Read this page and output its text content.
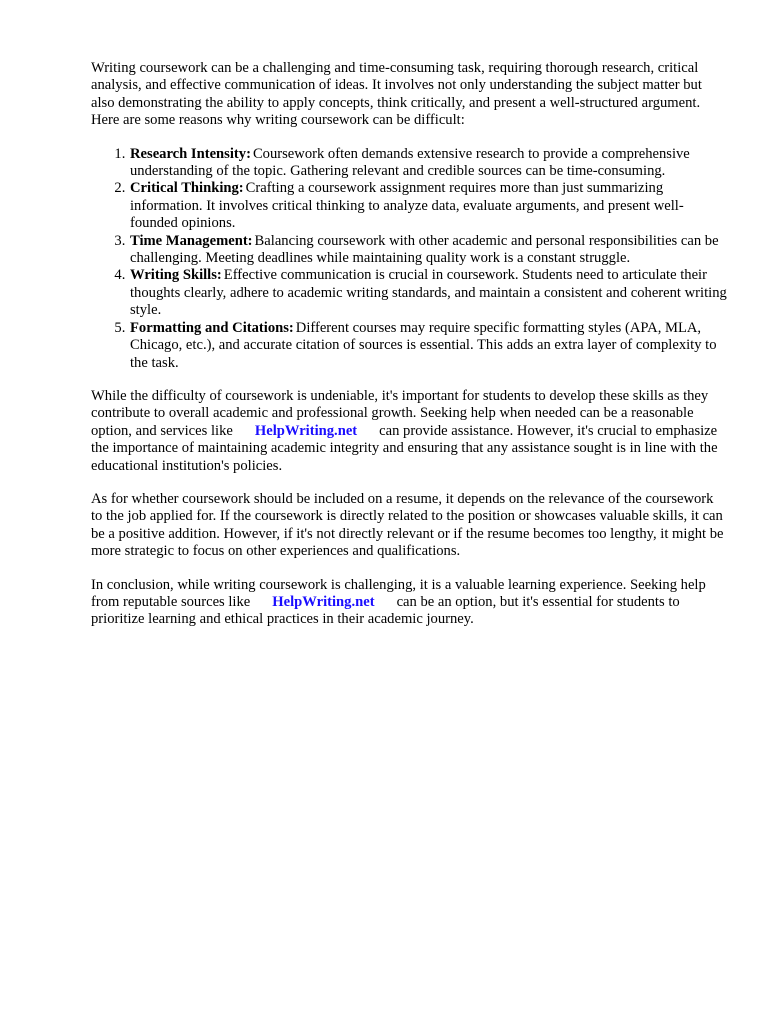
Writing coursework can be a challenging and time-consuming task, requiring thorough research, critical analysis, and effective communication of ideas. It involves not only understanding the subject matter but also demonstrating the ability to apply concepts, think critically, and present a well-structured argument. Here are some reasons why writing coursework can be difficult:

1. Research Intensity: Coursework often demands extensive research to provide a comprehensive understanding of the topic. Gathering relevant and credible sources can be time-consuming.
2. Critical Thinking: Crafting a coursework assignment requires more than just summarizing information. It involves critical thinking to analyze data, evaluate arguments, and present well-founded opinions.
3. Time Management: Balancing coursework with other academic and personal responsibilities can be challenging. Meeting deadlines while maintaining quality work is a constant struggle.
4. Writing Skills: Effective communication is crucial in coursework. Students need to articulate their thoughts clearly, adhere to academic writing standards, and maintain a consistent and coherent writing style.
5. Formatting and Citations: Different courses may require specific formatting styles (APA, MLA, Chicago, etc.), and accurate citation of sources is essential. This adds an extra layer of complexity to the task.

While the difficulty of coursework is undeniable, it's important for students to develop these skills as they contribute to overall academic and professional growth. Seeking help when needed can be a reasonable option, and services like HelpWriting.net can provide assistance. However, it's crucial to emphasize the importance of maintaining academic integrity and ensuring that any assistance sought is in line with the educational institution's policies.

As for whether coursework should be included on a resume, it depends on the relevance of the coursework to the job applied for. If the coursework is directly related to the position or showcases valuable skills, it can be a positive addition. However, if it's not directly relevant or if the resume becomes too lengthy, it might be more strategic to focus on other experiences and qualifications.

In conclusion, while writing coursework is challenging, it is a valuable learning experience. Seeking help from reputable sources like HelpWriting.net can be an option, but it's essential for students to prioritize learning and ethical practices in their academic journey.
